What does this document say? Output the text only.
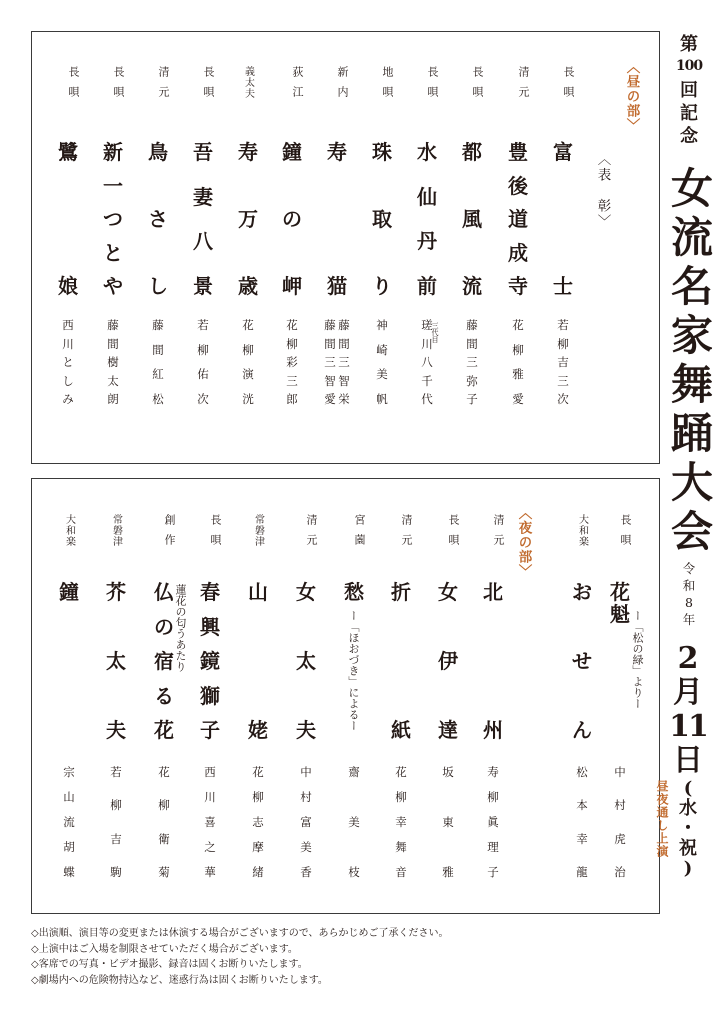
長唄
富
士
若
柳
吉
三
次
清元
豊
後
道
成
寺
花
柳
雅
愛
長唄
都
風
流
藤
間
三
弥
子
長唄
水
仙
丹
前
瑳
川
八
千
代
三代目
地唄
珠
取
り
神
崎
美
帆
新内
寿
猫
藤
間
三
智
栄
藤
間
三
智
愛
荻江
鐘
の
岬
花
柳
彩
三
郎
義太夫
寿
万
歳
花
柳
演
洸
長唄
吾
妻
八
景
若
柳
佑
次
清元
鳥
さ
し
藤
間
紅
松
長唄
新
一
つ
と
や
藤
間
樹
太
朗
長唄
鷺
娘
西
川
と
し
み
長唄
花
魁 ー「松の緑」よりー
中
村
虎
治
大和楽
お
せ
ん
松
本
幸
龍
清元
北
州
寿
柳
眞
理
子
長唄
女
伊
達
坂
東
雅
清元
折
紙
花
柳
幸
舞
音
宮薗
愁
ー「ほおづき」によるー
齋
美
枝
清元
女
太
夫
中
村
富
美
香
常磐津
山
姥
花
柳
志
摩
緒
長唄
春
興
鏡
獅
子
西
川
喜
之
華
創作
仏
の
宿
る
花
蓮花の匂うあたり
花
柳
衛
菊
常磐津
芥
太
夫
若
柳
吉
駒
大和楽
鐘
宗
山
流
胡
蝶
〈昼の部〉
〈表　彰〉
〈夜の部〉
第
100
回
記
念
女
流
名
家
舞
踊
大
会
令
和
8
年
2
月
11
日
(
水
・
祝
)
昼夜通し上演
◇出演順、演目等の変更または休演する場合がございますので、あらかじめご了承ください。
◇上演中はご入場を制限させていただく場合がございます。
◇客席での写真・ビデオ撮影、録音は固くお断りいたします。
◇劇場内への危険物持込など、迷惑行為は固くお断りいたします。
